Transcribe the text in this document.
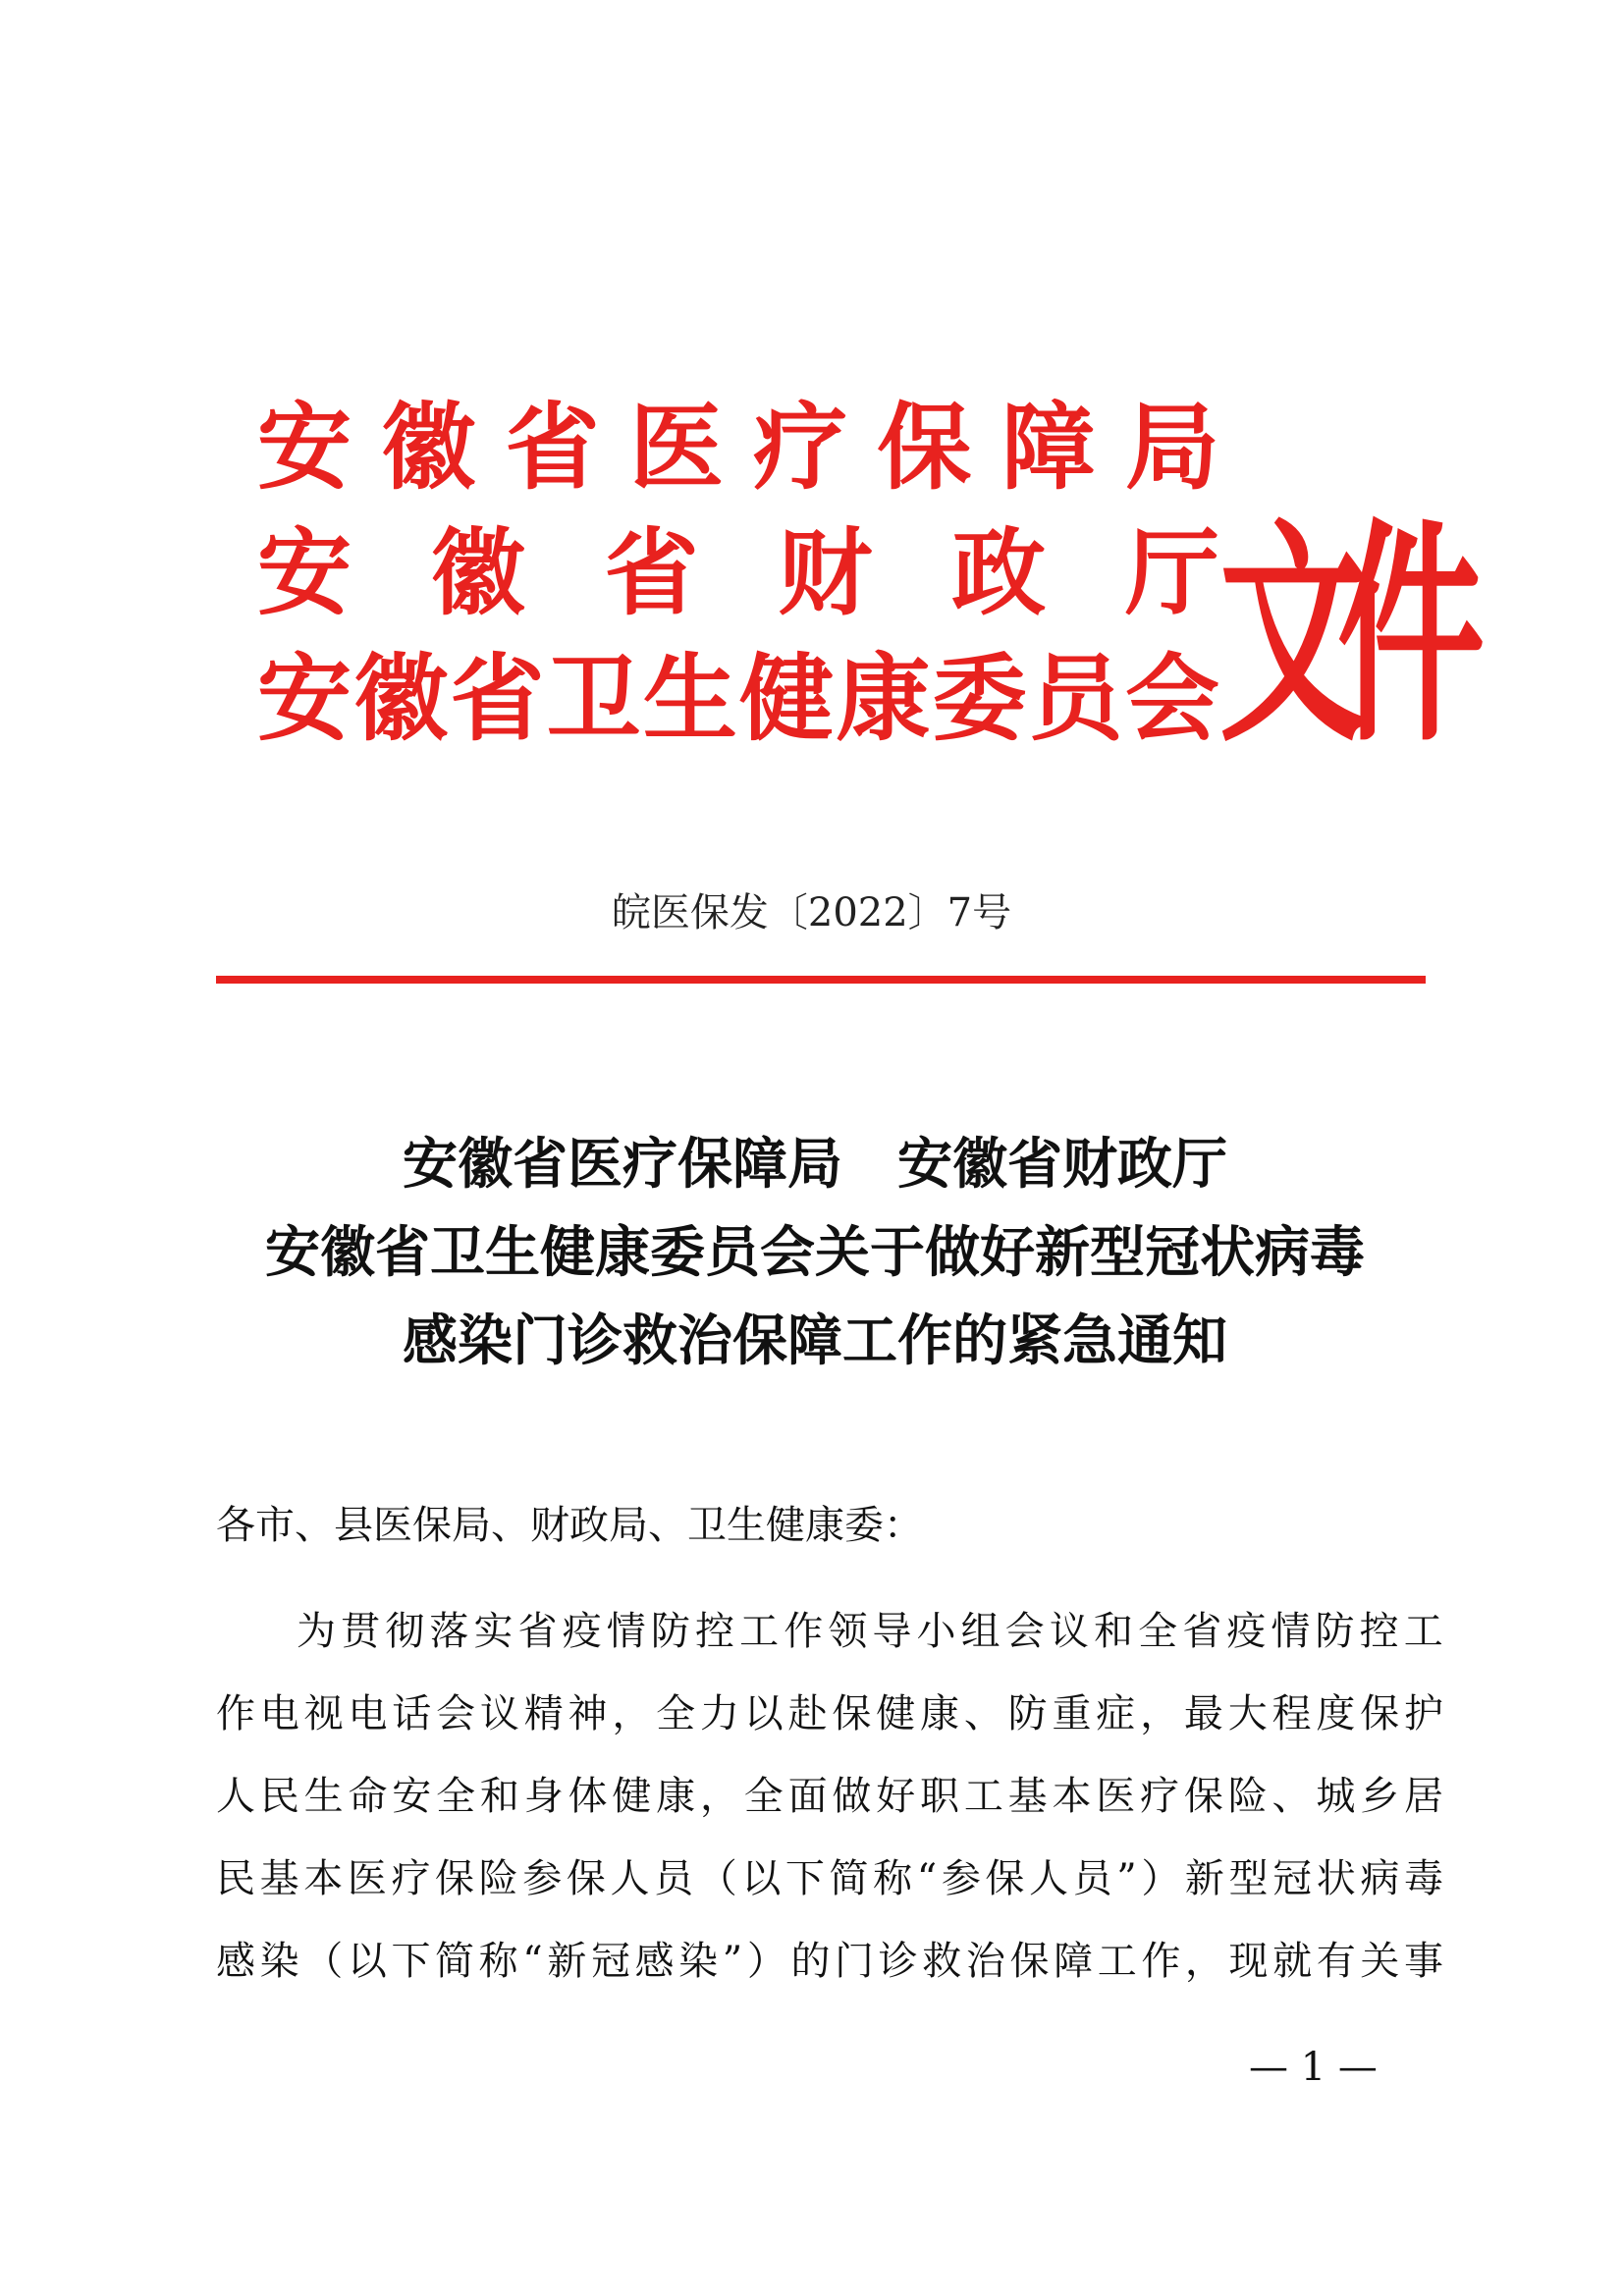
安 徽 省 医 疗 保 障 局
安 徽 省 财 政 厅
安 徽 省 卫 生 健 康 委 员 会 文件
皖医保发〔2022〕7号
安徽省医疗保障局　安徽省财政厅
安徽省卫生健康委员会关于做好新型冠状病毒
感染门诊救治保障工作的紧急通知
各市、县医保局、财政局、卫生健康委：
为 贯 彻 落 实 省 疫 情 防 控 工 作 领 导 小 组 会 议 和 全 省 疫 情 防 控 工
作 电 视 电 话 会 议 精 神 ， 全 力 以 赴 保 健 康 、 防 重 症 ， 最 大 程 度 保 护
人 民 生 命 安 全 和 身 体 健 康 ， 全 面 做 好 职 工 基 本 医 疗 保 险 、 城 乡 居
民 基 本 医 疗 保 险 参 保 人 员 （ 以 下 简 称 “ 参 保 人 员 ” ） 新 型 冠 状 病 毒
感 染 （ 以 下 简 称 “ 新 冠 感 染 ” ） 的 门 诊 救 治 保 障 工 作 ， 现 就 有 关 事
— 1 —
